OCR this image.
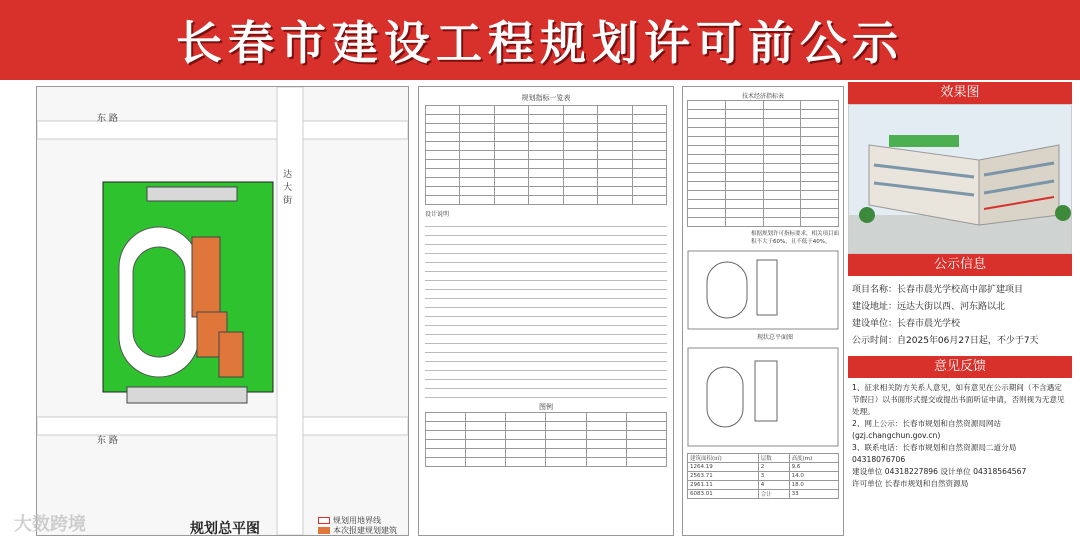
长春市建设工程规划许可前公示
东 路
东 路
达 大 街
规划总平图
规划用地界线
本次报建规划建筑
大数跨境
规划指标一览表

设计说明
图例

技术经济指标表

根据规划许可指标要求，相关项目面积不大于60%，且不低于40%。
现状总平面图
建筑面积(㎡)	层数	高度(m)
1264.19	2	9.6
2563.71	3	14.0
2961.11	4	18.0
6083.01	合计	33
效果图
公示信息
项目名称：长春市晨光学校高中部扩建项目
建设地址：远达大街以西、河东路以北
建设单位：长春市晨光学校
公示时间：自2025年06月27日起，不少于7天
意见反馈
1、征求相关防方关系人意见，如有意见在公示期间（不含遇定节假日）以书面形式提交或提出书面听证申请，否则视为无意见处理。
2、网上公示：长春市规划和自然资源局网站 (gzj.changchun.gov.cn)
3、联系电话：长春市规划和自然资源局二道分局 04318076706
建设单位 04318227896 设计单位 04318564567
许可单位 长春市规划和自然资源局
